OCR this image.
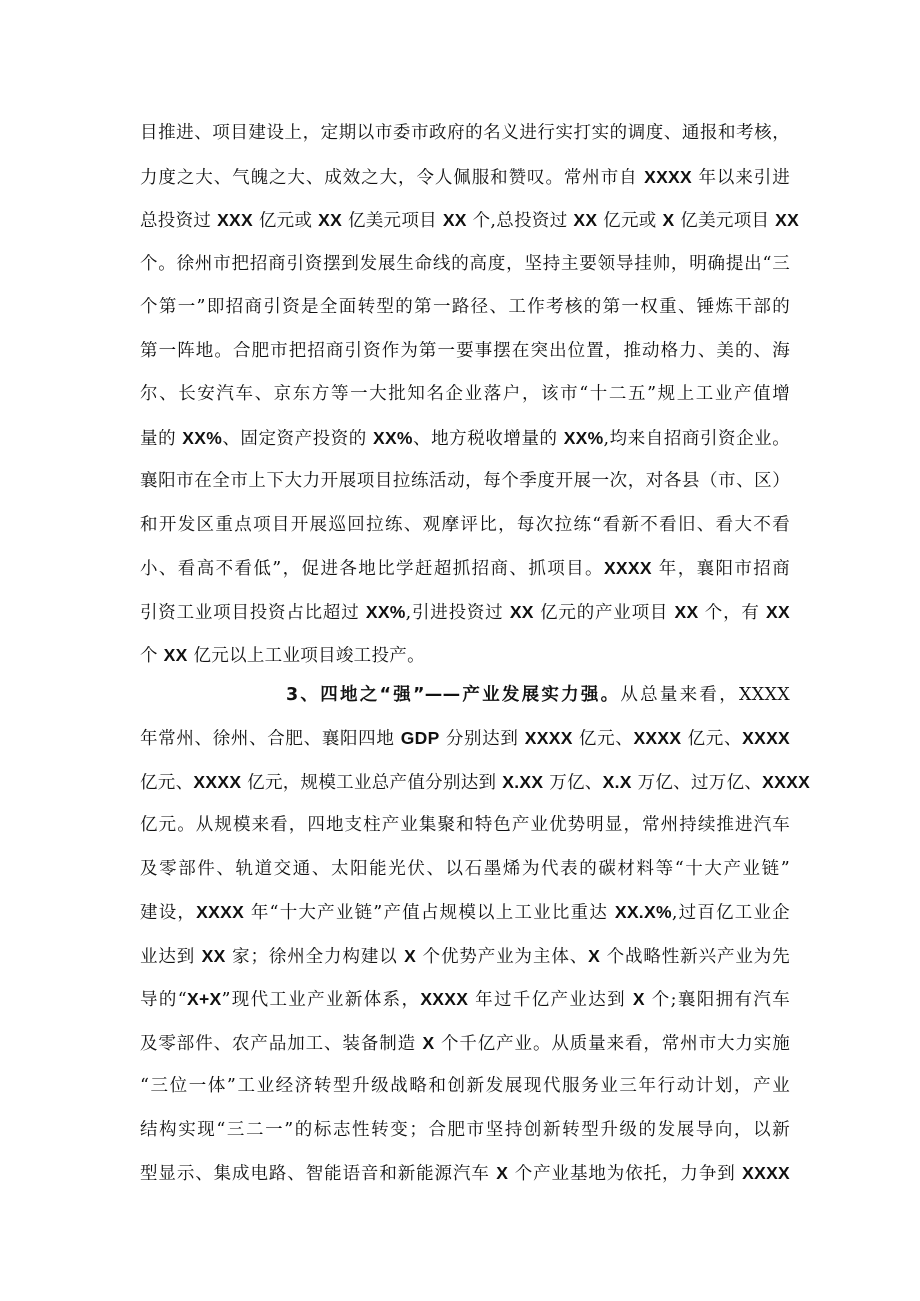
目推进、项目建设上，定期以市委市政府的名义进行实打实的调度、通报和考核，
力度之大、气魄之大、成效之大，令人佩服和赞叹。常州市自 XXXX 年以来引进
总投资过 XXX 亿元或 XX 亿美元项目 XX 个,总投资过 XX 亿元或 X 亿美元项目 XX
个。徐州市把招商引资摆到发展生命线的高度，坚持主要领导挂帅，明确提出“三
个第一”即招商引资是全面转型的第一路径、工作考核的第一权重、锤炼干部的
第一阵地。合肥市把招商引资作为第一要事摆在突出位置，推动格力、美的、海
尔、长安汽车、京东方等一大批知名企业落户，该市“十二五”规上工业产值增
量的 XX%、固定资产投资的 XX%、地方税收增量的 XX%,均来自招商引资企业。
襄阳市在全市上下大力开展项目拉练活动，每个季度开展一次，对各县（市、区）
和开发区重点项目开展巡回拉练、观摩评比，每次拉练“看新不看旧、看大不看
小、看高不看低”，促进各地比学赶超抓招商、抓项目。XXXX 年，襄阳市招商
引资工业项目投资占比超过 XX%,引进投资过 XX 亿元的产业项目 XX 个，有 XX
个 XX 亿元以上工业项目竣工投产。
3、四地之“强”——产业发展实力强。从总量来看，XXXX
年常州、徐州、合肥、襄阳四地 GDP 分别达到 XXXX 亿元、XXXX 亿元、XXXX
亿元、XXXX 亿元，规模工业总产值分别达到 X.XX 万亿、X.X 万亿、过万亿、XXXX
亿元。从规模来看，四地支柱产业集聚和特色产业优势明显，常州持续推进汽车
及零部件、轨道交通、太阳能光伏、以石墨烯为代表的碳材料等“十大产业链”
建设，XXXX 年“十大产业链”产值占规模以上工业比重达 XX.X%,过百亿工业企
业达到 XX 家；徐州全力构建以 X 个优势产业为主体、X 个战略性新兴产业为先
导的“X+X”现代工业产业新体系，XXXX 年过千亿产业达到 X 个;襄阳拥有汽车
及零部件、农产品加工、装备制造 X 个千亿产业。从质量来看，常州市大力实施
“三位一体”工业经济转型升级战略和创新发展现代服务业三年行动计划，产业
结构实现“三二一”的标志性转变；合肥市坚持创新转型升级的发展导向，以新
型显示、集成电路、智能语音和新能源汽车 X 个产业基地为依托，力争到 XXXX
